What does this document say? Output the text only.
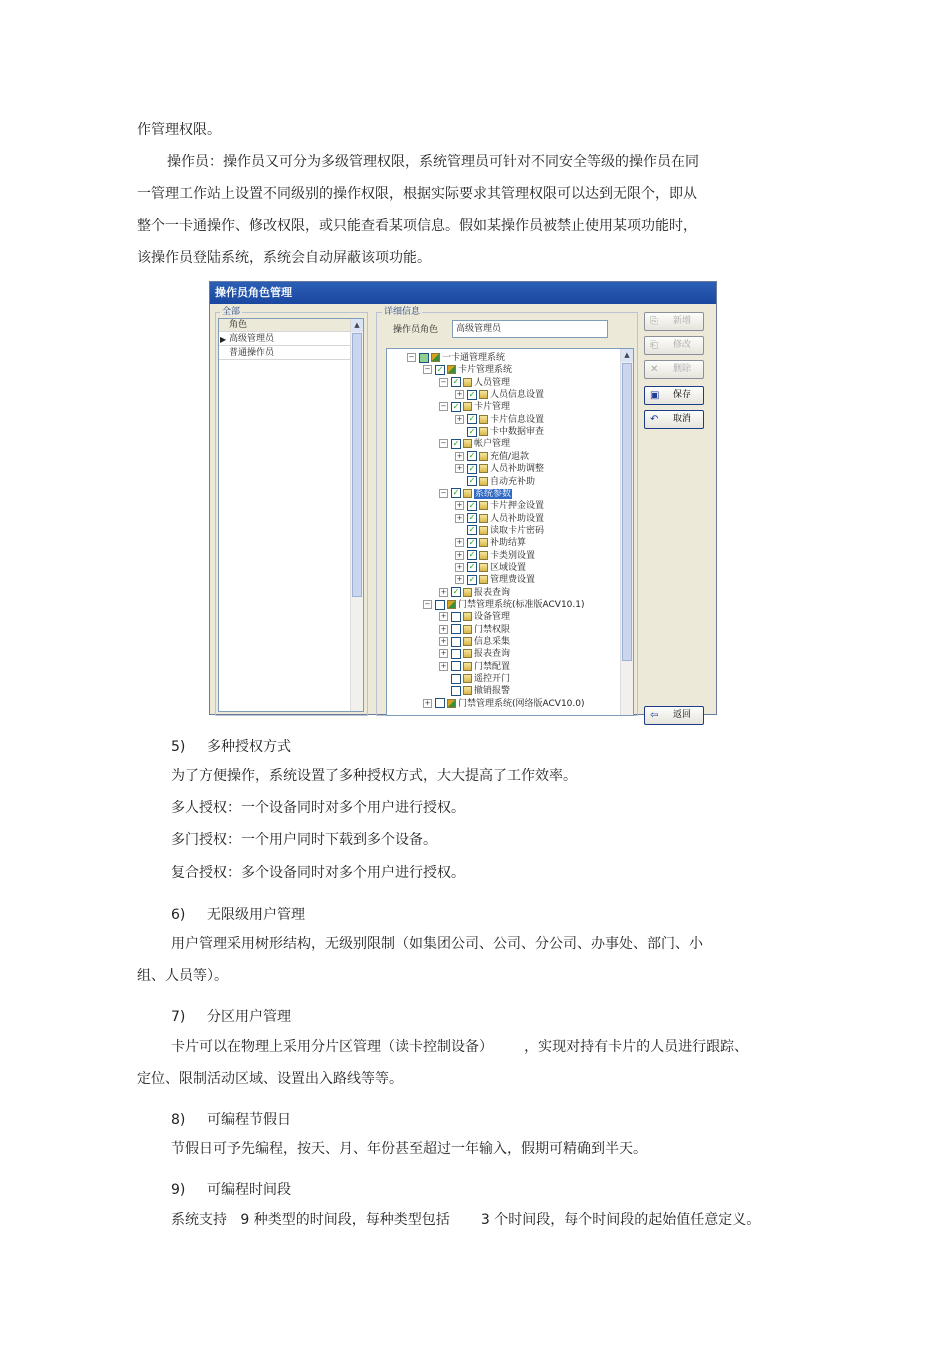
作管理权限。
操作员：操作员又可分为多级管理权限，系统管理员可针对不同安全等级的操作员在同
一管理工作站上设置不同级别的操作权限，根据实际要求其管理权限可以达到无限个，即从
整个一卡通操作、修改权限，或只能查看某项信息。假如某操作员被禁止使用某项功能时，
该操作员登陆系统，系统会自动屏蔽该项功能。
操作员角色管理
全部
角色
▶ 高级管理员
普通操作员
▲
详细信息
操作员角色	高级管理员
−	一卡通管理系统
− ✓ 卡片管理系统
− ✓ 人员管理
+ ✓ 人员信息设置
− ✓ 卡片管理
+ ✓ 卡片信息设置
✓ 卡中数据审查
− ✓ 帐户管理
+ ✓ 充值/退款
+ ✓ 人员补助调整
✓ 自动充补助
− ✓ 系统参数
+ ✓ 卡片押金设置
+ ✓ 人员补助设置
✓ 读取卡片密码
+ ✓ 补助结算
+ ✓ 卡类别设置
+ ✓ 区域设置
+ ✓ 管理费设置
+ ✓ 报表查询
−	门禁管理系统(标准版ACV10.1)
+	设备管理
+	门禁权限
+	信息采集
+	报表查询
+	门禁配置
遥控开门
撤销报警
+	门禁管理系统(网络版ACV10.0)
▲
⎘ 新增
⎗ 修改
✕ 删除
▣ 保存
↶ 取消
⇦ 返回
5) 多种授权方式
为了方便操作，系统设置了多种授权方式，大大提高了工作效率。
多人授权：一个设备同时对多个用户进行授权。
多门授权：一个用户同时下载到多个设备。
复合授权：多个设备同时对多个用户进行授权。
6) 无限级用户管理
用户管理采用树形结构，无级别限制（如集团公司、公司、分公司、办事处、部门、小
组、人员等）。
7) 分区用户管理
卡片可以在物理上采用分片区管理（读卡控制设备）       ，实现对持有卡片的人员进行跟踪、
定位、限制活动区域、设置出入路线等等。
8) 可编程节假日
节假日可予先编程，按天、月、年份甚至超过一年输入，假期可精确到半天。
9) 可编程时间段
系统支持   9 种类型的时间段，每种类型包括       3 个时间段，每个时间段的起始值任意定义。
